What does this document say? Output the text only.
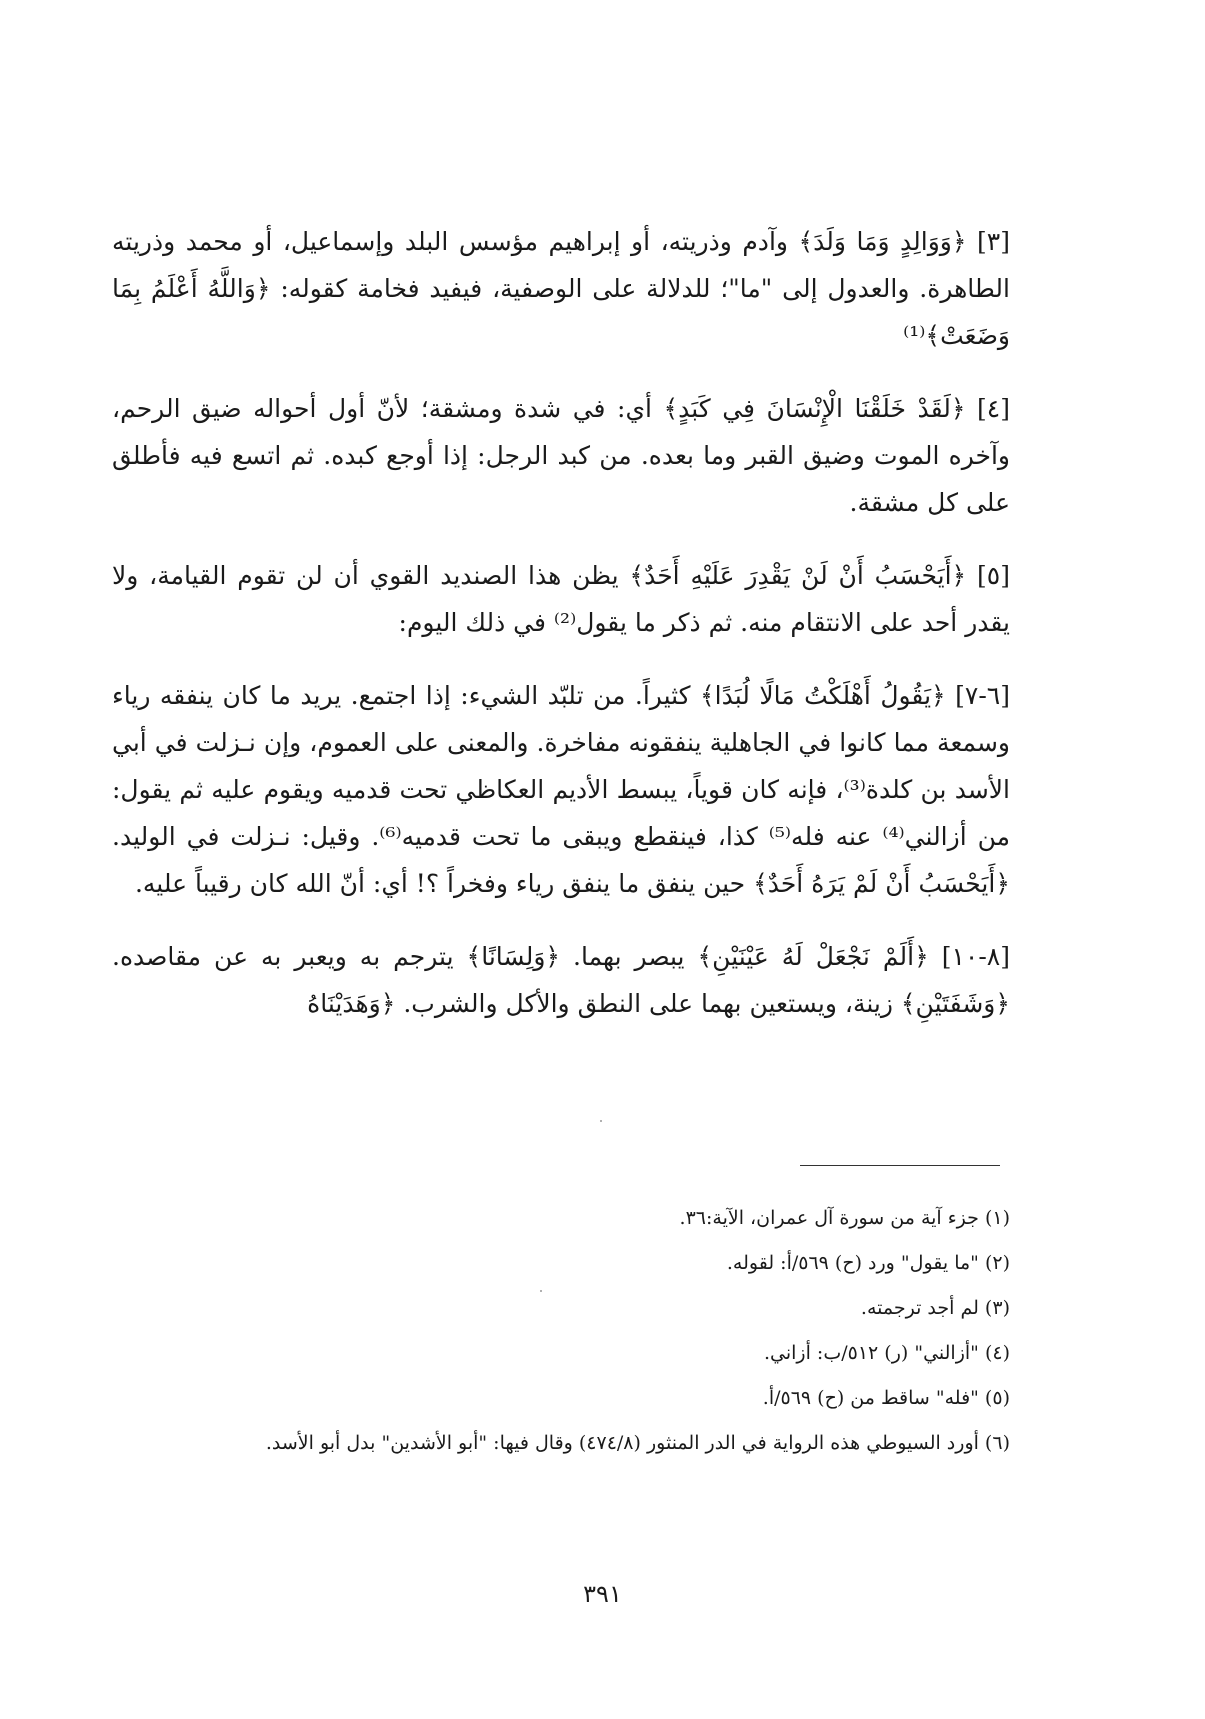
[٣] ﴿وَوَالِدٍ وَمَا وَلَدَ﴾ وآدم وذريته، أو إبراهيم مؤسس البلد وإسماعيل، أو محمد وذريته الطاهرة. والعدول إلى "ما"؛ للدلالة على الوصفية، فيفيد فخامة كقوله: ﴿وَاللَّهُ أَعْلَمُ بِمَا وَضَعَتْ﴾⁽¹⁾

[٤] ﴿لَقَدْ خَلَقْنَا الْإِنْسَانَ فِي كَبَدٍ﴾ أي: في شدة ومشقة؛ لأنّ أول أحواله ضيق الرحم، وآخره الموت وضيق القبر وما بعده. من كبد الرجل: إذا أوجع كبده. ثم اتسع فيه فأطلق على كل مشقة.

[٥] ﴿أَيَحْسَبُ أَنْ لَنْ يَقْدِرَ عَلَيْهِ أَحَدٌ﴾ يظن هذا الصنديد القوي أن لن تقوم القيامة، ولا يقدر أحد على الانتقام منه. ثم ذكر ما يقول⁽²⁾ في ذلك اليوم:

[٦-٧] ﴿يَقُولُ أَهْلَكْتُ مَالًا لُبَدًا﴾ كثيراً. من تلبّد الشيء: إذا اجتمع. يريد ما كان ينفقه رياء وسمعة مما كانوا في الجاهلية ينفقونه مفاخرة. والمعنى على العموم، وإن نـزلت في أبي الأسد بن كلدة⁽³⁾، فإنه كان قوياً، يبسط الأديم العكاظي تحت قدميه ويقوم عليه ثم يقول: من أزالني⁽⁴⁾ عنه فله⁽⁵⁾ كذا، فينقطع ويبقى ما تحت قدميه⁽⁶⁾. وقيل: نـزلت في الوليد. ﴿أَيَحْسَبُ أَنْ لَمْ يَرَهُ أَحَدٌ﴾ حين ينفق ما ينفق رياء وفخراً ؟! أي: أنّ الله كان رقيباً عليه.

[٨-١٠] ﴿أَلَمْ نَجْعَلْ لَهُ عَيْنَيْنِ﴾ يبصر بهما. ﴿وَلِسَانًا﴾ يترجم به ويعبر به عن مقاصده. ﴿وَشَفَتَيْنِ﴾ زينة، ويستعين بهما على النطق والأكل والشرب. ﴿وَهَدَيْنَاهُ

(١) جزء آية من سورة آل عمران، الآية:٣٦.

(٢) "ما يقول" ورد (ح) ٥٦٩/أ: لقوله.

(٣) لم أجد ترجمته.

(٤) "أزالني" (ر) ٥١٢/ب: أزاني.

(٥) "فله" ساقط من (ح) ٥٦٩/أ.

(٦) أورد السيوطي هذه الرواية في الدر المنثور (٤٧٤/٨) وقال فيها: "أبو الأشدين" بدل أبو الأسد.

٣٩١
